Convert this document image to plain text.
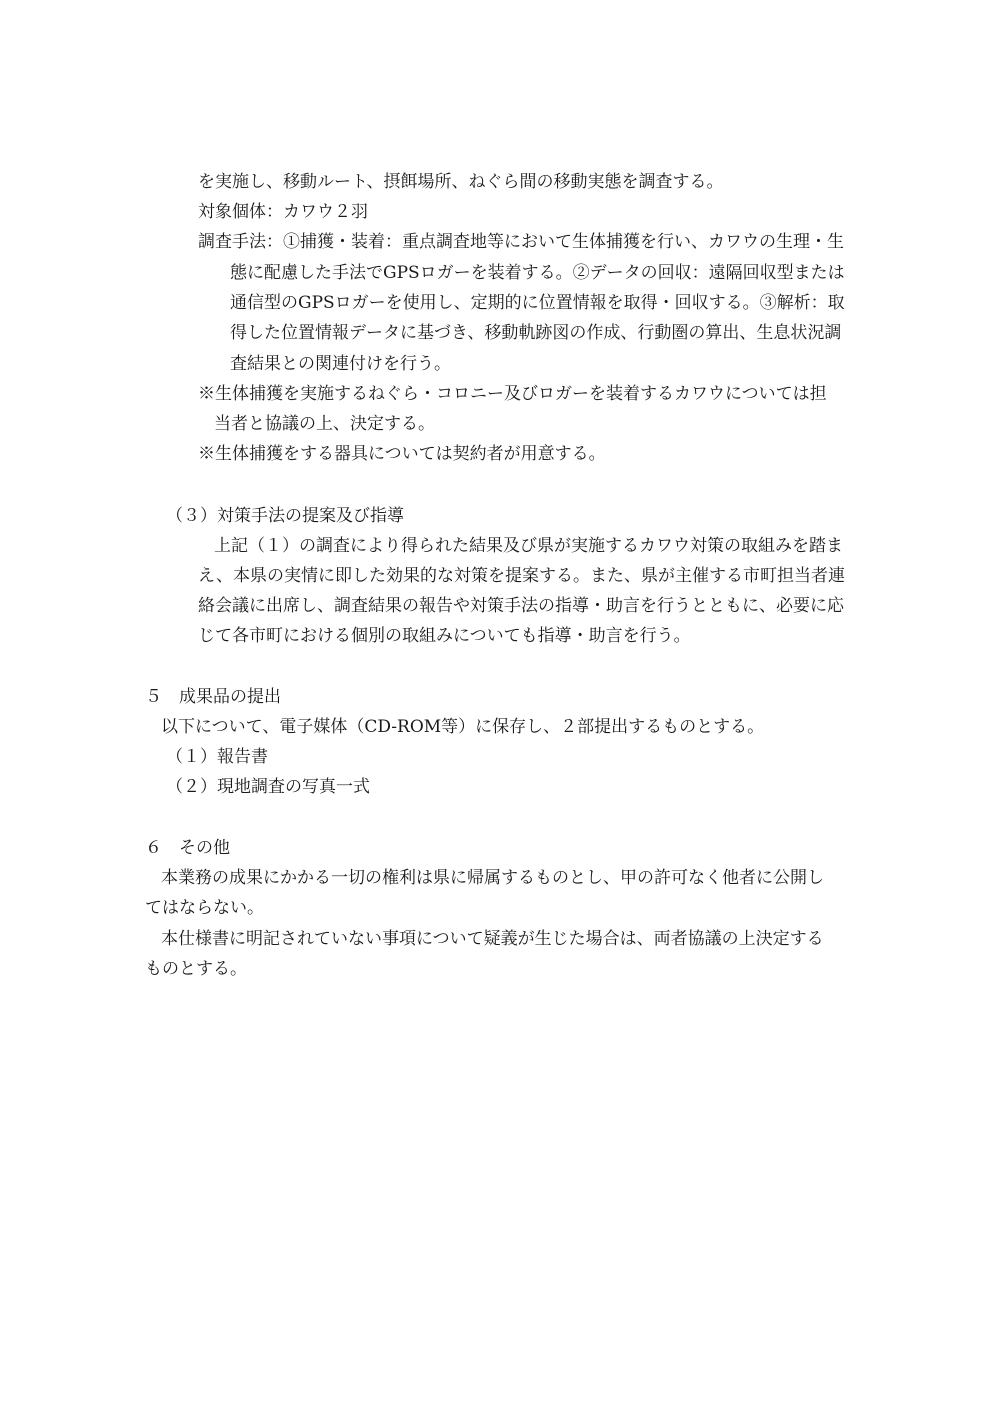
を実施し、移動ルート、摂餌場所、ねぐら間の移動実態を調査する。
対象個体：カワウ２羽
調査手法：①捕獲・装着：重点調査地等において生体捕獲を行い、カワウの生理・生
態に配慮した手法でGPSロガーを装着する。②データの回収：遠隔回収型または
通信型のGPSロガーを使用し、定期的に位置情報を取得・回収する。③解析：取
得した位置情報データに基づき、移動軌跡図の作成、行動圏の算出、生息状況調
査結果との関連付けを行う。
※生体捕獲を実施するねぐら・コロニー及びロガーを装着するカワウについては担
当者と協議の上、決定する。
※生体捕獲をする器具については契約者が用意する。
（３）対策手法の提案及び指導
上記（１）の調査により得られた結果及び県が実施するカワウ対策の取組みを踏ま
え、本県の実情に即した効果的な対策を提案する。また、県が主催する市町担当者連
絡会議に出席し、調査結果の報告や対策手法の指導・助言を行うとともに、必要に応
じて各市町における個別の取組みについても指導・助言を行う。
５　成果品の提出
以下について、電子媒体（CD-ROM等）に保存し、２部提出するものとする。
（１）報告書
（２）現地調査の写真一式
６　その他
本業務の成果にかかる一切の権利は県に帰属するものとし、甲の許可なく他者に公開し
てはならない。
本仕様書に明記されていない事項について疑義が生じた場合は、両者協議の上決定する
ものとする。
